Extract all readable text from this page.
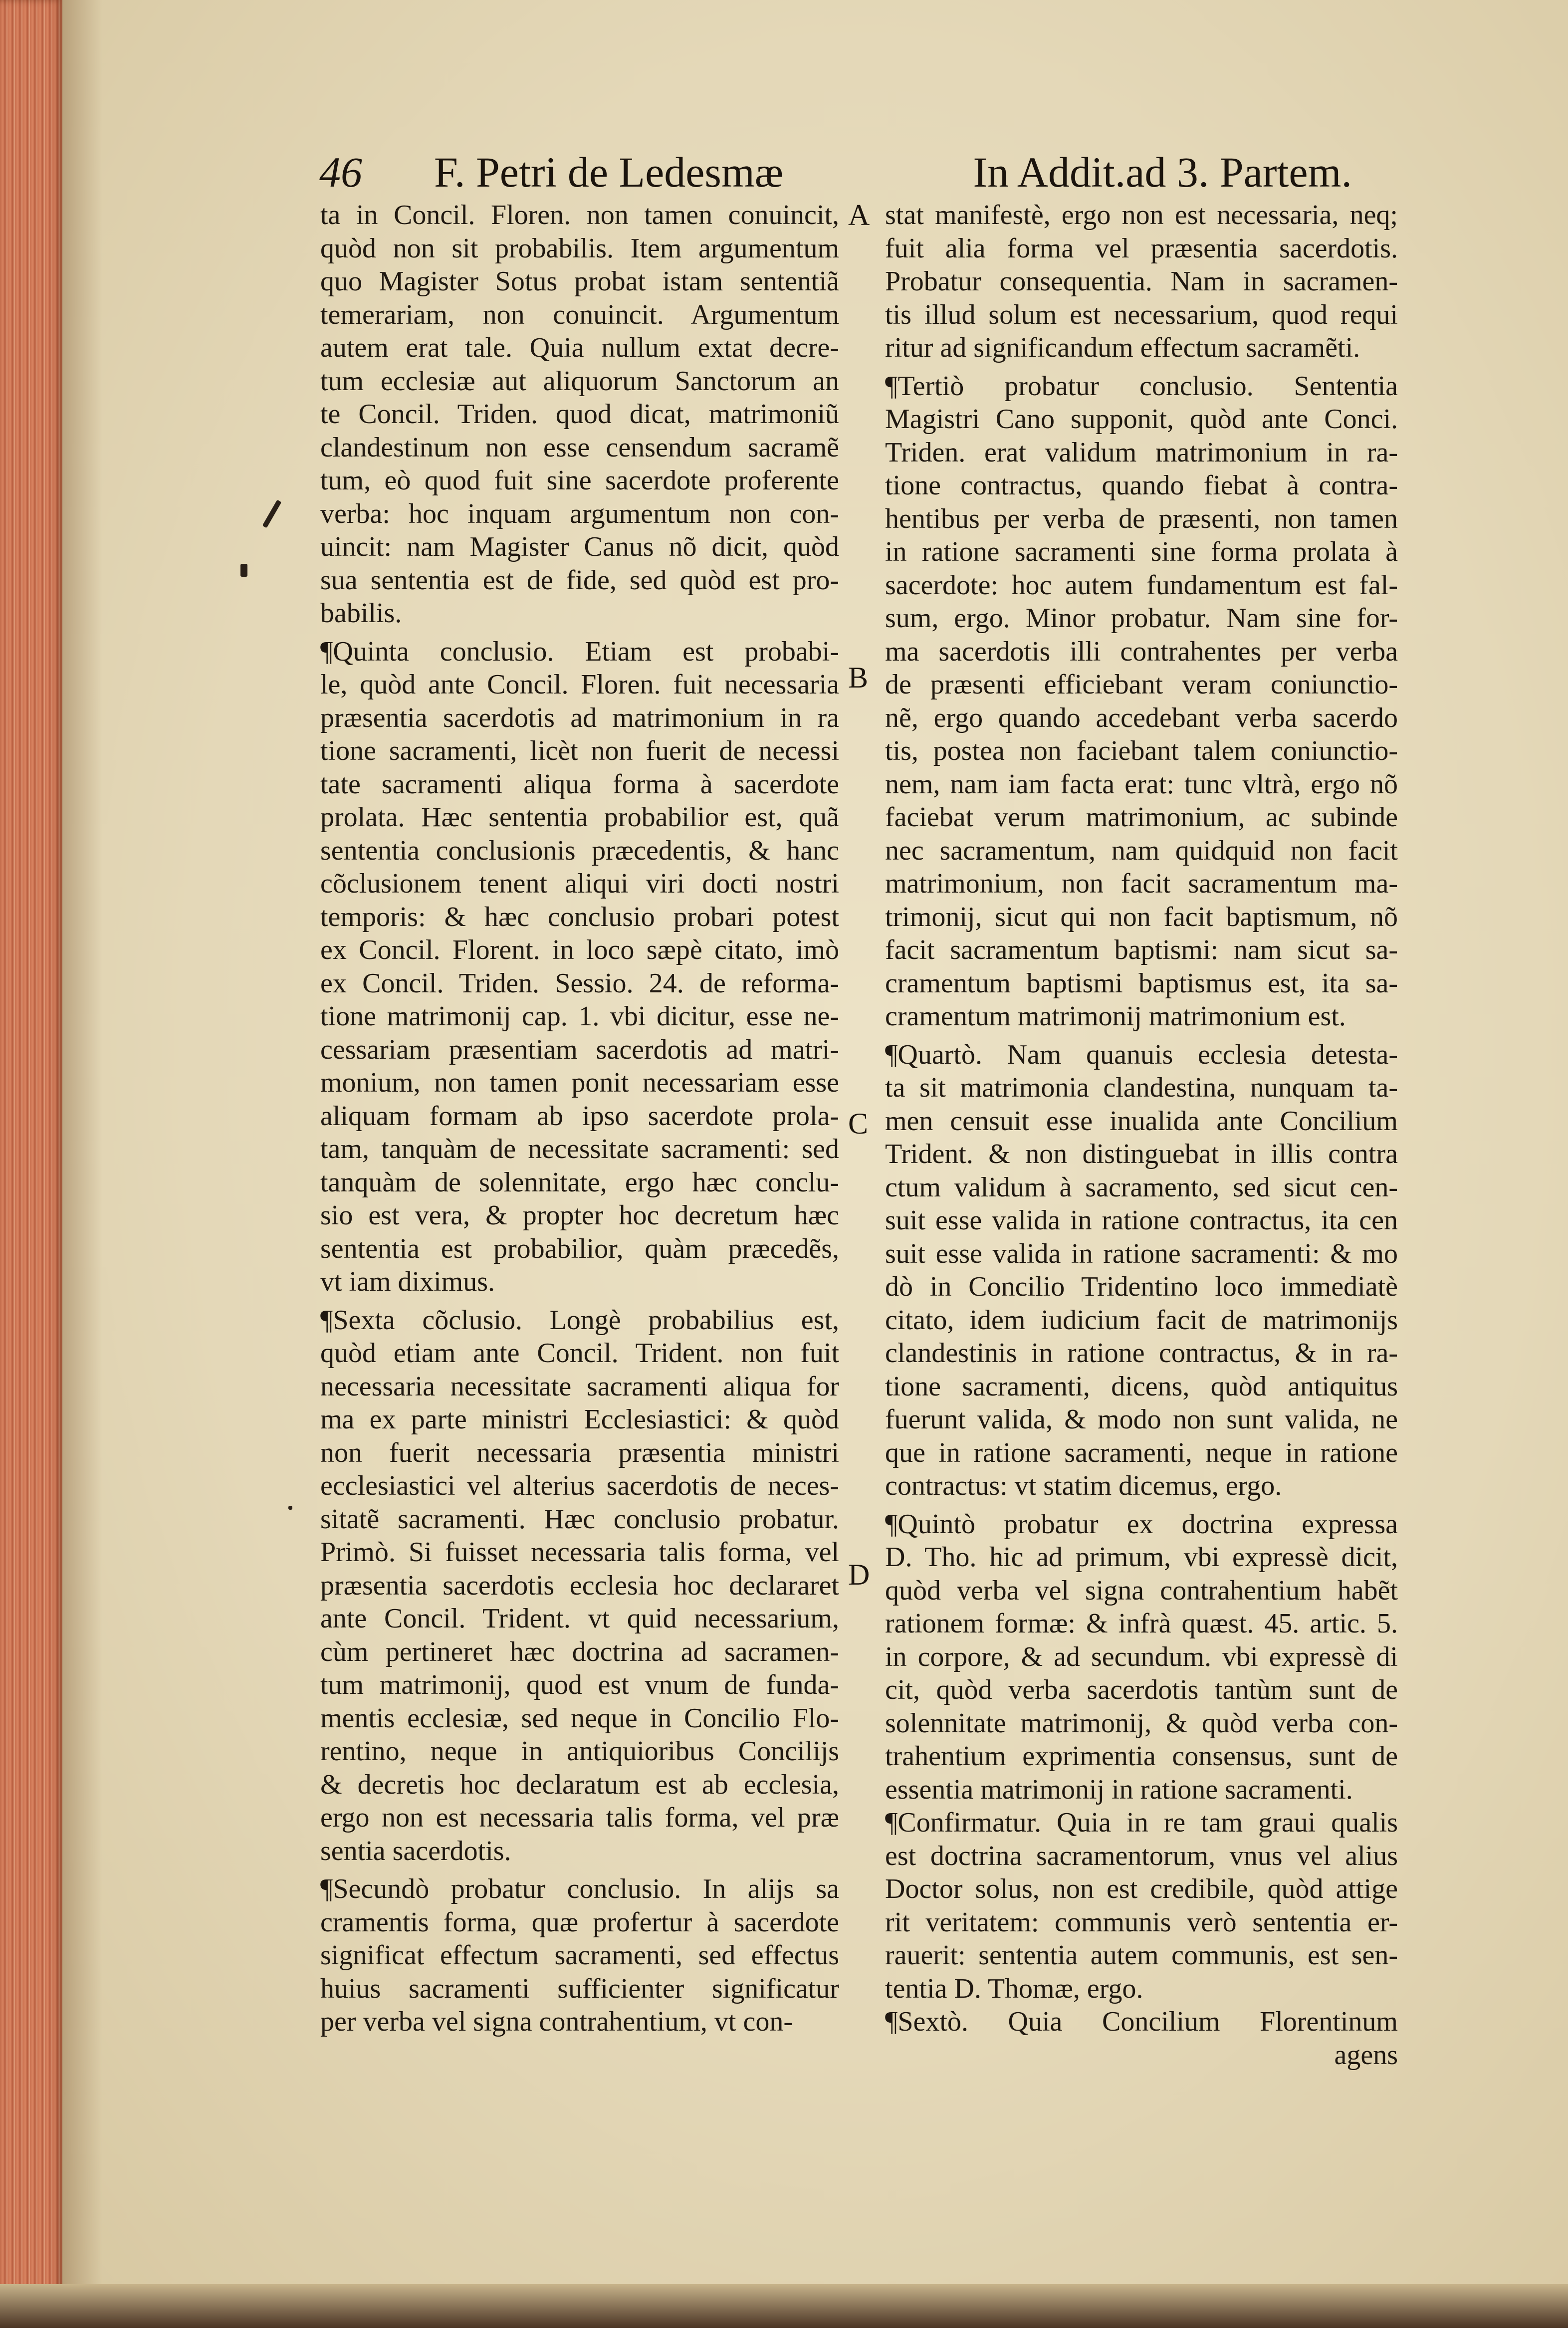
46 F. Petri de Ledesmæ	In Addit.ad 3. Partem.
ta in Concil. Floren. non tamen conuincit,
quòd non sit probabilis. Item argumentum
quo Magister Sotus probat istam sententiã
temerariam, non conuincit. Argumentum
autem erat tale. Quia nullum extat decre-
tum ecclesiæ aut aliquorum Sanctorum an
te Concil. Triden. quod dicat, matrimoniũ
clandestinum non esse censendum sacramẽ
tum, eò quod fuit sine sacerdote proferente
verba: hoc inquam argumentum non con-
uincit: nam Magister Canus nõ dicit, quòd
sua sententia est de fide, sed quòd est pro-
babilis.
¶Quinta conclusio. Etiam est probabi-
le, quòd ante Concil. Floren. fuit necessaria
præsentia sacerdotis ad matrimonium in ra
tione sacramenti, licèt non fuerit de necessi
tate sacramenti aliqua forma à sacerdote
prolata. Hæc sententia probabilior est, quã
sententia conclusionis præcedentis, & hanc
cõclusionem tenent aliqui viri docti nostri
temporis: & hæc conclusio probari potest
ex Concil. Florent. in loco sæpè citato, imò
ex Concil. Triden. Sessio. 24. de reforma-
tione matrimonij cap. 1. vbi dicitur, esse ne-
cessariam præsentiam sacerdotis ad matri-
monium, non tamen ponit necessariam esse
aliquam formam ab ipso sacerdote prola-
tam, tanquàm de necessitate sacramenti: sed
tanquàm de solennitate, ergo hæc conclu-
sio est vera, & propter hoc decretum hæc
sententia est probabilior, quàm præcedẽs,
vt iam diximus.
¶Sexta cõclusio. Longè probabilius est,
quòd etiam ante Concil. Trident. non fuit
necessaria necessitate sacramenti aliqua for
ma ex parte ministri Ecclesiastici: & quòd
non fuerit necessaria præsentia ministri
ecclesiastici vel alterius sacerdotis de neces-
sitatẽ sacramenti. Hæc conclusio probatur.
Primò. Si fuisset necessaria talis forma, vel
præsentia sacerdotis ecclesia hoc declararet
ante Concil. Trident. vt quid necessarium,
cùm pertineret hæc doctrina ad sacramen-
tum matrimonij, quod est vnum de funda-
mentis ecclesiæ, sed neque in Concilio Flo-
rentino, neque in antiquioribus Concilijs
& decretis hoc declaratum est ab ecclesia,
ergo non est necessaria talis forma, vel præ
sentia sacerdotis.
¶Secundò probatur conclusio. In alijs sa
cramentis forma, quæ profertur à sacerdote
significat effectum sacramenti, sed effectus
huius sacramenti sufficienter significatur
per verba vel signa contrahentium, vt con-
stat manifestè, ergo non est necessaria, neq;
fuit alia forma vel præsentia sacerdotis.
Probatur consequentia. Nam in sacramen-
tis illud solum est necessarium, quod requi
ritur ad significandum effectum sacramẽti.
¶Tertiò probatur conclusio. Sententia
Magistri Cano supponit, quòd ante Conci.
Triden. erat validum matrimonium in ra-
tione contractus, quando fiebat à contra-
hentibus per verba de præsenti, non tamen
in ratione sacramenti sine forma prolata à
sacerdote: hoc autem fundamentum est fal-
sum, ergo. Minor probatur. Nam sine for-
ma sacerdotis illi contrahentes per verba
de præsenti efficiebant veram coniunctio-
nẽ, ergo quando accedebant verba sacerdo
tis, postea non faciebant talem coniunctio-
nem, nam iam facta erat: tunc vltrà, ergo nõ
faciebat verum matrimonium, ac subinde
nec sacramentum, nam quidquid non facit
matrimonium, non facit sacramentum ma-
trimonij, sicut qui non facit baptismum, nõ
facit sacramentum baptismi: nam sicut sa-
cramentum baptismi baptismus est, ita sa-
cramentum matrimonij matrimonium est.
¶Quartò. Nam quanuis ecclesia detesta-
ta sit matrimonia clandestina, nunquam ta-
men censuit esse inualida ante Concilium
Trident. & non distinguebat in illis contra
ctum validum à sacramento, sed sicut cen-
suit esse valida in ratione contractus, ita cen
suit esse valida in ratione sacramenti: & mo
dò in Concilio Tridentino loco immediatè
citato, idem iudicium facit de matrimonijs
clandestinis in ratione contractus, & in ra-
tione sacramenti, dicens, quòd antiquitus
fuerunt valida, & modo non sunt valida, ne
que in ratione sacramenti, neque in ratione
contractus: vt statim dicemus, ergo.
¶Quintò probatur ex doctrina expressa
D. Tho. hic ad primum, vbi expressè dicit,
quòd verba vel signa contrahentium habẽt
rationem formæ: & infrà quæst. 45. artic. 5.
in corpore, & ad secundum. vbi expressè di
cit, quòd verba sacerdotis tantùm sunt de
solennitate matrimonij, & quòd verba con-
trahentium exprimentia consensus, sunt de
essentia matrimonij in ratione sacramenti.
¶Confirmatur. Quia in re tam graui qualis
est doctrina sacramentorum, vnus vel alius
Doctor solus, non est credibile, quòd attige
rit veritatem: communis verò sententia er-
rauerit: sententia autem communis, est sen-
tentia D. Thomæ, ergo.
¶Sextò. Quia Concilium Florentinum
agens
A
B
C
D
